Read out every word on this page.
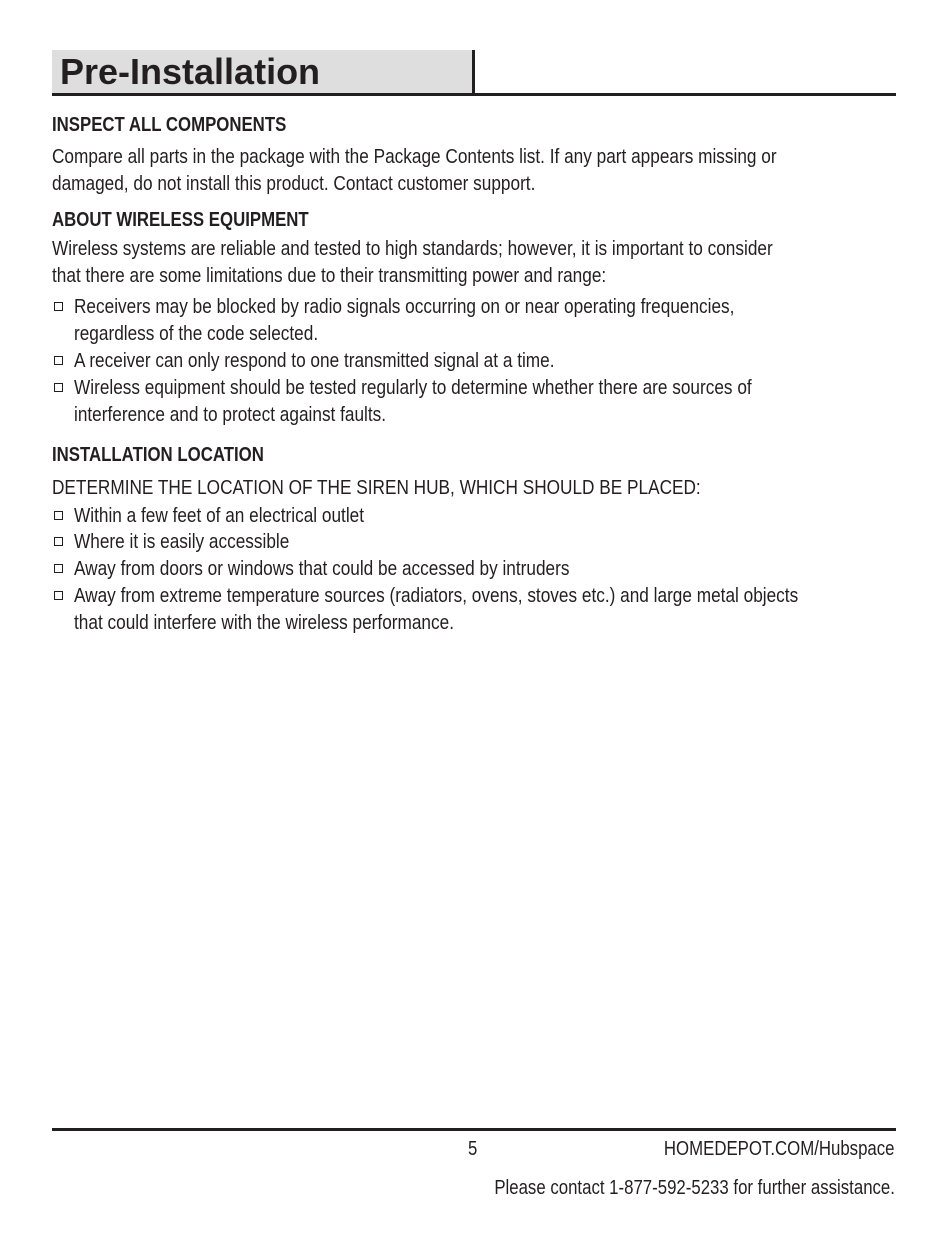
Pre-Installation
INSPECT ALL COMPONENTS
Compare all parts in the package with the Package Contents list. If any part appears missing or
damaged, do not install this product. Contact customer support.
ABOUT WIRELESS EQUIPMENT
Wireless systems are reliable and tested to high standards; however, it is important to consider
that there are some limitations due to their transmitting power and range:
Receivers may be blocked by radio signals occurring on or near operating frequencies,
regardless of the code selected.
A receiver can only respond to one transmitted signal at a time.
Wireless equipment should be tested regularly to determine whether there are sources of
interference and to protect against faults.
INSTALLATION LOCATION
DETERMINE THE LOCATION OF THE SIREN HUB, WHICH SHOULD BE PLACED:
Within a few feet of an electrical outlet
Where it is easily accessible
Away from doors or windows that could be accessed by intruders
Away from extreme temperature sources (radiators, ovens, stoves etc.) and large metal objects
that could interfere with the wireless performance.
5	HOMEDEPOT.COM/Hubspace
Please contact 1-877-592-5233 for further assistance.
